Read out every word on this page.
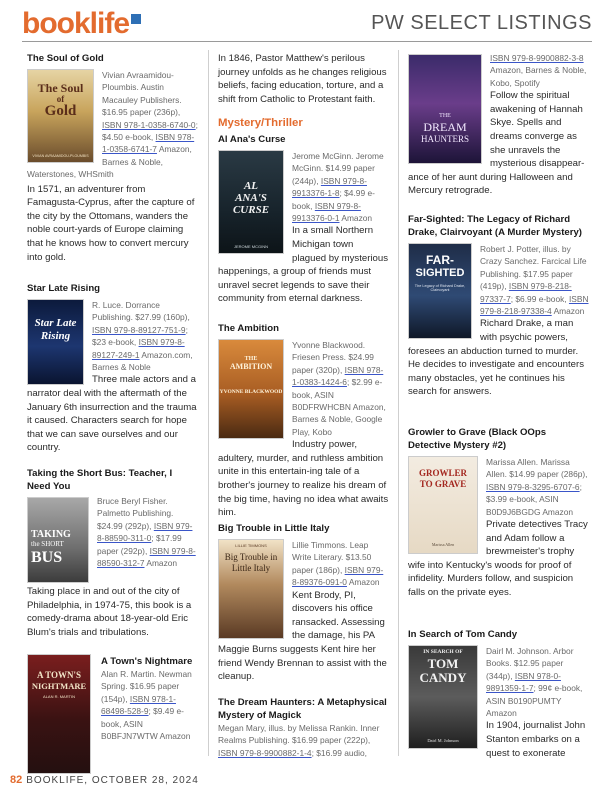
booklife	PW SELECT LISTINGS
The Soul of Gold
The Soul
of
Gold
VIVIAN AVRAAMIDOU-PLOUMBIS
Vivian Avraamidou-Ploumbis. Austin Macauley Publishers. $16.95 paper (236p), ISBN 978-1-0358-6740-0; $4.50 e-book, ISBN 978-1-0358-6741-7 Amazon, Barnes & Noble, Waterstones, WHSmith
In 1571, an adventurer from Famagusta-Cyprus, after the capture of the city by the Ottomans, wanders the noble court-yards of Europe claiming that he knows how to convert mercury into gold.
Star Late Rising
Star Late
Rising
R. Luce. Dorrance Publishing. $27.99 (160p), ISBN 979-8-89127-751-9; $23 e-book, ISBN 979-8-89127-249-1 Amazon.com, Barnes & Noble
Three male actors and a narrator deal with the aftermath of the January 6th insurrection and the trauma it caused. Characters search for hope that we can save ourselves and our country.
Taking the Short Bus: Teacher, I Need You
TAKING
the SHORT
BUS
Bruce Beryl Fisher. Palmetto Publishing. $24.99 (292p), ISBN 979-8-88590-311-0; $17.99 paper (292p), ISBN 979-8-88590-312-7 Amazon
Taking place in and out of the city of Philadelphia, in 1974-75, this book is a comedy-drama about 18-year-old Eric Blum's trials and tribulations.
A TOWN'S
NIGHTMARE
ALAN R. MARTIN
A Town's Nightmare
Alan R. Martin. Newman Spring. $16.95 paper (154p), ISBN 978-1-68498-528-9; $9.49 e-book, ASIN B0BFJN7WTW Amazon
In 1846, Pastor Matthew's perilous journey unfolds as he changes religious beliefs, facing education, torture, and a shift from Catholic to Protestant faith.
Mystery/Thriller
Al Ana's Curse
AL
ANA'S
CURSE
JEROME MCGINN
Jerome McGinn. Jerome McGinn. $14.99 paper (244p), ISBN 979-8-9913376-1-8; $4.99 e-book, ISBN 979-8-9913376-0-1 Amazon
In a small Northern Michigan town plagued by mysterious happenings, a group of friends must unravel secret legends to save their community from eternal darkness.
The Ambition
THE
AMBITION
YVONNE BLACKWOOD
Yvonne Blackwood. Friesen Press. $24.99 paper (320p), ISBN 978-1-0383-1424-6; $2.99 e-book, ASIN B0DFRWHCBN Amazon, Barnes & Noble, Google Play, Kobo
Industry power, adultery, murder, and ruthless ambition unite in this entertain-ing tale of a brother's journey to realize his dream of the big time, having no idea what awaits him.
Big Trouble in Little Italy
LILLIE TIMMONS
Big Trouble in
Little Italy
Lillie Timmons. Leap Write Literary. $13.50 paper (186p), ISBN 979-8-89376-091-0 Amazon
Kent Brody, PI, discovers his office ransacked. Assessing the damage, his PA Maggie Burns suggests Kent hire her friend Wendy Brennan to assist with the cleanup.
The Dream Haunters: A Metaphysical Mystery of Magick
Megan Mary, illus. by Melissa Rankin. Inner Realms Publishing. $16.99 paper (222p), ISBN 979-8-9900882-1-4; $16.99 audio,
THE
DREAM
HAUNTERS
ISBN 979-8-9900882-3-8 Amazon, Barnes & Noble, Kobo, Spotify
Follow the spiritual awakening of Hannah Skye. Spells and dreams converge as she unravels the mysterious disappear-ance of her aunt during Halloween and Mercury retrograde.
Far-Sighted: The Legacy of Richard Drake, Clairvoyant (A Murder Mystery)
FAR-
SIGHTED
The Legacy of Richard Drake, Clairvoyant
Robert J. Potter, illus. by Crazy Sanchez. Farcical Life Publishing. $17.95 paper (419p), ISBN 979-8-218-97337-7; $6.99 e-book, ISBN 979-8-218-97338-4 Amazon
Richard Drake, a man with psychic powers, foresees an abduction turned to murder. He decides to investigate and encounters many obstacles, yet he continues his search for answers.
Growler to Grave (Black OOps Detective Mystery #2)
GROWLER
TO GRAVE
Marissa Allen
Marissa Allen. Marissa Allen. $14.99 paper (286p), ISBN 979-8-3295-6707-6; $3.99 e-book, ASIN B0D9J6BGDG Amazon
Private detectives Tracy and Adam follow a brewmeister's trophy wife into Kentucky's woods for proof of infidelity. Murders follow, and suspicion falls on the private eyes.
In Search of Tom Candy
IN SEARCH OF
TOM
CANDY
Dairl M. Johnson
Dairl M. Johnson. Arbor Books. $12.95 paper (344p), ISBN 978-0-9891359-1-7; 99¢ e-book, ASIN B0190PUMTY Amazon
In 1904, journalist John Stanton embarks on a quest to exonerate
82 BOOKLIFE, OCTOBER 28, 2024
